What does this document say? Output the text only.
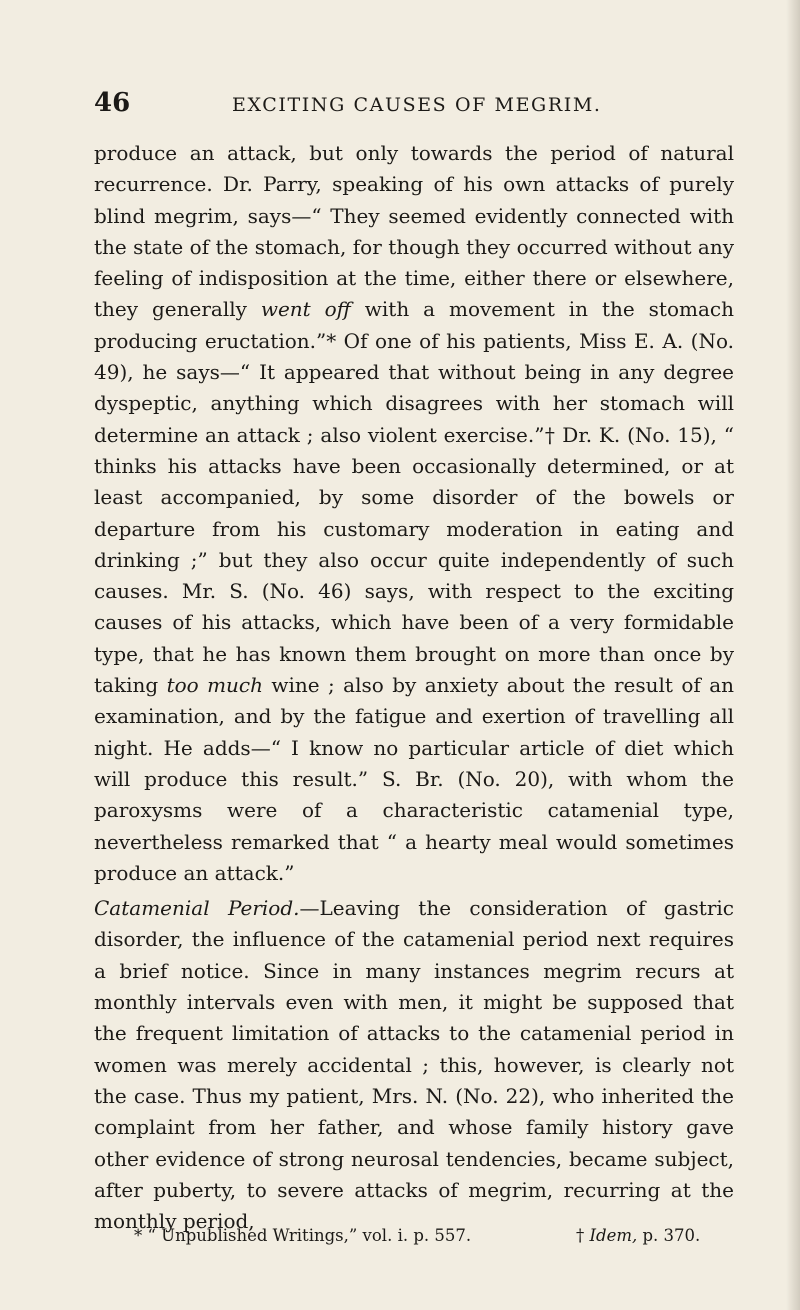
46	EXCITING CAUSES OF MEGRIM.

produce an attack, but only towards the period of natural recurrence. Dr. Parry, speaking of his own attacks of purely blind megrim, says—“ They seemed evidently connected with the state of the stomach, for though they occurred without any feeling of indisposition at the time, either there or elsewhere, they generally went off with a movement in the stomach producing eructation.”* Of one of his patients, Miss E. A. (No. 49), he says—“ It appeared that without being in any degree dyspeptic, anything which disagrees with her stomach will determine an attack ; also violent exercise.”† Dr. K. (No. 15), “ thinks his attacks have been occasionally determined, or at least accompanied, by some disorder of the bowels or departure from his customary moderation in eating and drinking ;” but they also occur quite independently of such causes. Mr. S. (No. 46) says, with respect to the exciting causes of his attacks, which have been of a very formidable type, that he has known them brought on more than once by taking too much wine ; also by anxiety about the result of an examination, and by the fatigue and exertion of travelling all night. He adds—“ I know no particular article of diet which will produce this result.” S. Br. (No. 20), with whom the paroxysms were of a characteristic catamenial type, nevertheless remarked that “ a hearty meal would sometimes produce an attack.”

Catamenial Period.—Leaving the consideration of gastric disorder, the influence of the catamenial period next requires a brief notice. Since in many instances megrim recurs at monthly intervals even with men, it might be supposed that the frequent limitation of attacks to the catamenial period in women was merely accidental ; this, however, is clearly not the case. Thus my patient, Mrs. N. (No. 22), who inherited the complaint from her father, and whose family history gave other evidence of strong neurosal tendencies, became subject, after puberty, to severe attacks of megrim, recurring at the monthly period,

* “ Unpublished Writings,” vol. i. p. 557.	† Idem, p. 370.
